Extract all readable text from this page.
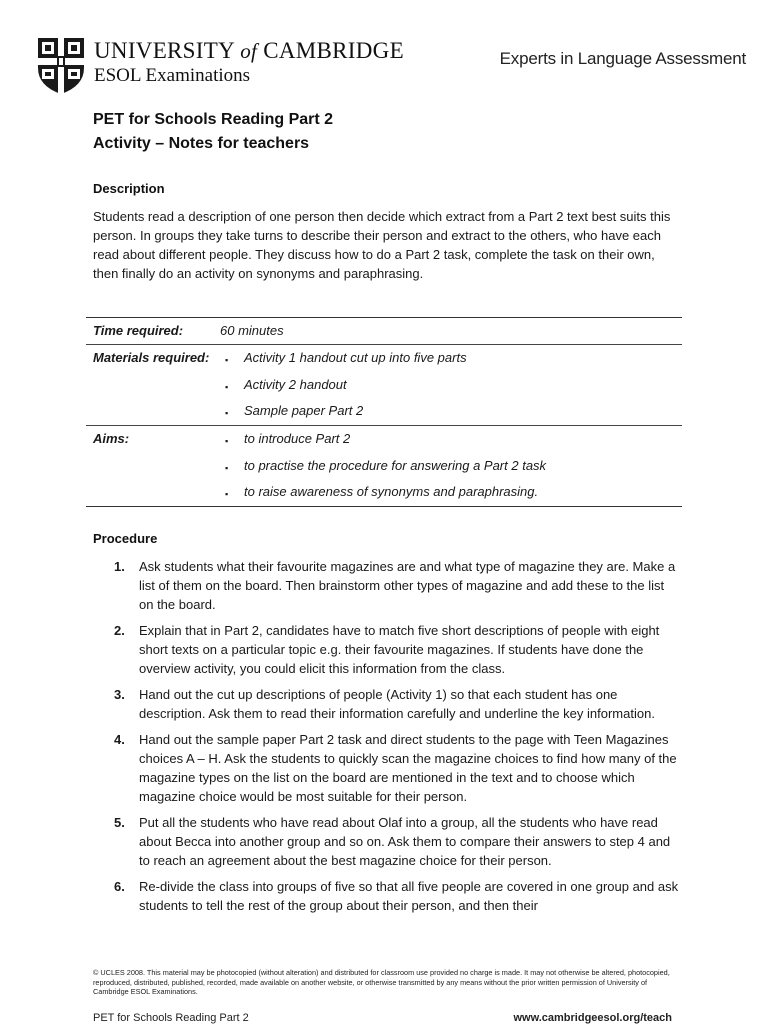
UNIVERSITY of CAMBRIDGE
ESOL Examinations
Experts in Language Assessment
PET for Schools Reading Part 2
Activity – Notes for teachers
Description
Students read a description of one person then decide which extract from a Part 2 text best suits this person. In groups they take turns to describe their person and extract to the others, who have each read about different people. They discuss how to do a Part 2 task, complete the task on their own, then finally do an activity on synonyms and paraphrasing.
Time required:	60 minutes
Materials required:	▪ Activity 1 handout cut up into five parts
▪ Activity 2 handout
▪ Sample paper Part 2
Aims:	▪ to introduce Part 2
▪ to practise the procedure for answering a Part 2 task
▪ to raise awareness of synonyms and paraphrasing.
Procedure
1. Ask students what their favourite magazines are and what type of magazine they are. Make a list of them on the board. Then brainstorm other types of magazine and add these to the list on the board.
2. Explain that in Part 2, candidates have to match five short descriptions of people with eight short texts on a particular topic e.g. their favourite magazines. If students have done the overview activity, you could elicit this information from the class.
3. Hand out the cut up descriptions of people (Activity 1) so that each student has one description. Ask them to read their information carefully and underline the key information.
4. Hand out the sample paper Part 2 task and direct students to the page with Teen Magazines choices A – H. Ask the students to quickly scan the magazine choices to find how many of the magazine types on the list on the board are mentioned in the text and to choose which magazine choice would be most suitable for their person.
5. Put all the students who have read about Olaf into a group, all the students who have read about Becca into another group and so on. Ask them to compare their answers to step 4 and to reach an agreement about the best magazine choice for their person.
6. Re-divide the class into groups of five so that all five people are covered in one group and ask students to tell the rest of the group about their person, and then their
© UCLES 2008. This material may be photocopied (without alteration) and distributed for classroom use provided no charge is made. It may not otherwise be altered, photocopied, reproduced, distributed, published, recorded, made available on another website, or otherwise transmitted by any means without the prior written permission of University of Cambridge ESOL Examinations.
PET for Schools Reading Part 2	www.cambridgeesol.org/teach
